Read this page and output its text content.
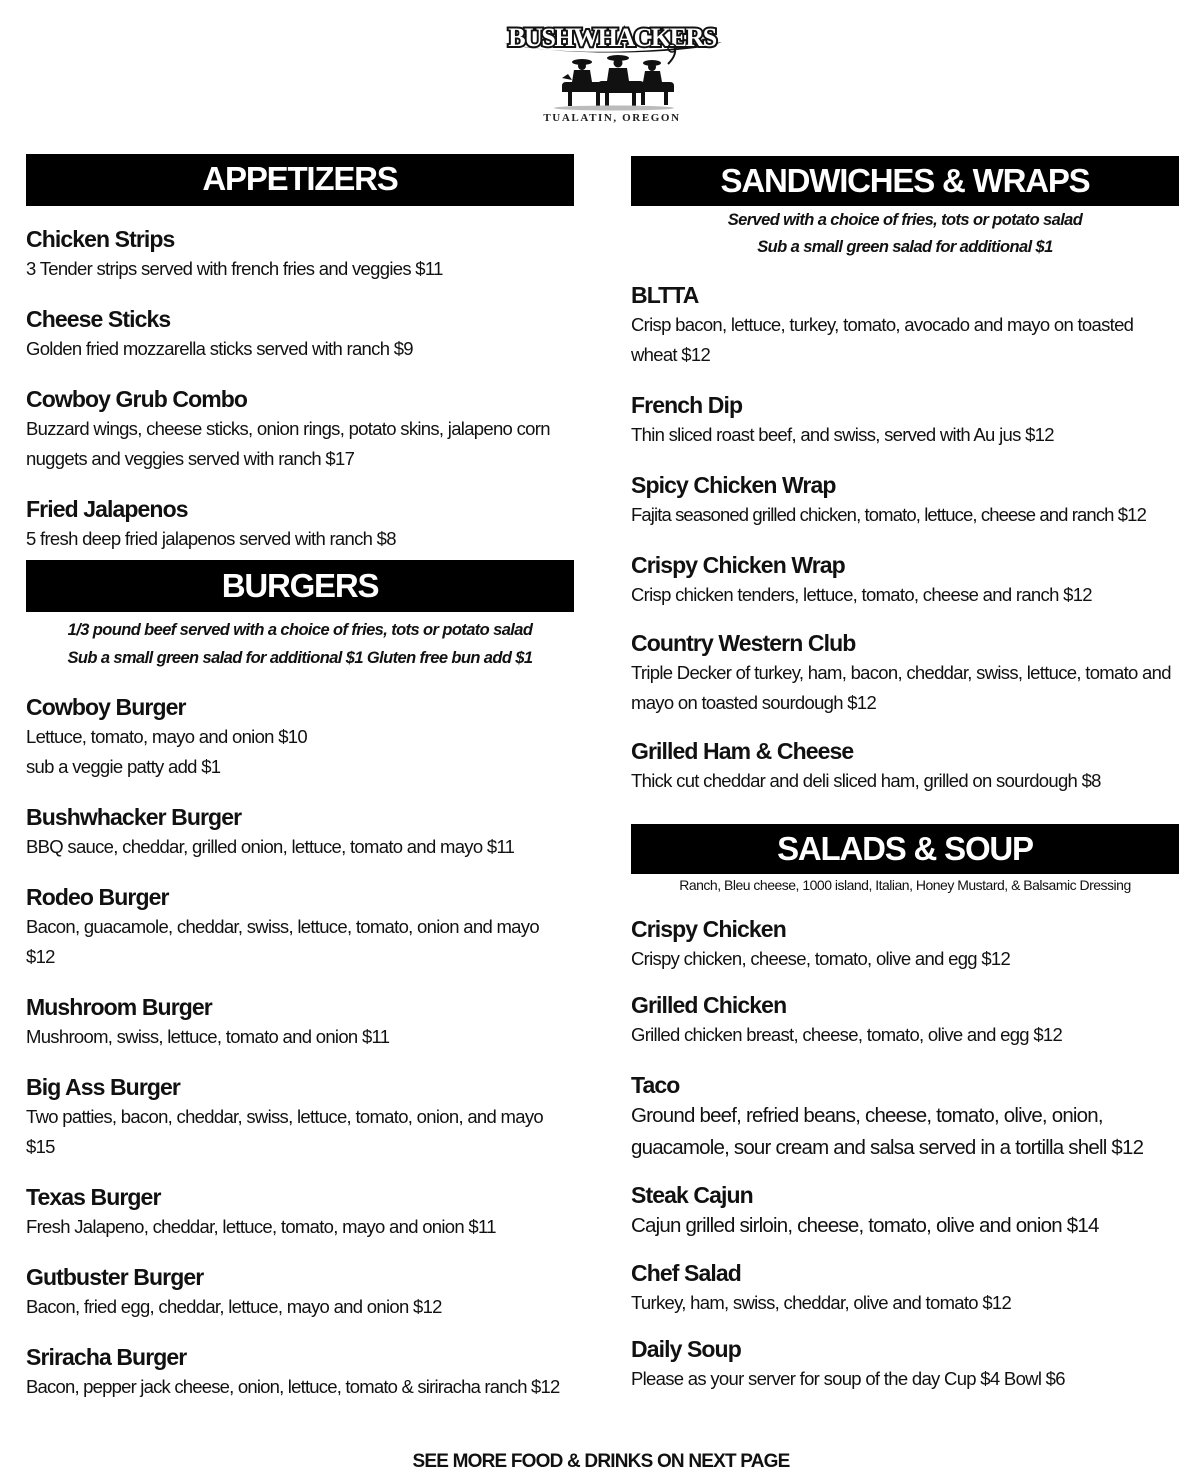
BUSHWHACKERS
TUALATIN, OREGON
APPETIZERS
Chicken Strips
3 Tender strips served with french fries and veggies $11
Cheese Sticks
Golden fried mozzarella sticks served with ranch $9
Cowboy Grub Combo
Buzzard wings, cheese sticks, onion rings, potato skins, jalapeno corn nuggets and veggies served with ranch $17
Fried Jalapenos
5 fresh deep fried jalapenos served with ranch $8
BURGERS
1/3 pound beef served with a choice of fries, tots or potato salad
Sub a small green salad for additional $1 Gluten free bun add $1
Cowboy Burger
Lettuce, tomato, mayo and onion $10
sub a veggie patty add $1
Bushwhacker Burger
BBQ sauce, cheddar, grilled onion, lettuce, tomato and mayo $11
Rodeo Burger
Bacon, guacamole, cheddar, swiss, lettuce, tomato, onion and mayo $12
Mushroom Burger
Mushroom, swiss, lettuce, tomato and onion $11
Big Ass Burger
Two patties, bacon, cheddar, swiss, lettuce, tomato, onion, and mayo $15
Texas Burger
Fresh Jalapeno, cheddar, lettuce, tomato, mayo and onion $11
Gutbuster Burger
Bacon, fried egg, cheddar, lettuce, mayo and onion $12
Sriracha Burger
Bacon, pepper jack cheese, onion, lettuce, tomato & siriracha ranch $12
SANDWICHES & WRAPS
Served with a choice of fries, tots or potato salad
Sub a small green salad for additional $1
BLTTA
Crisp bacon, lettuce, turkey, tomato, avocado and mayo on toasted wheat $12
French Dip
Thin sliced roast beef, and swiss, served with Au jus $12
Spicy Chicken Wrap
Fajita seasoned grilled chicken, tomato, lettuce, cheese and ranch $12
Crispy Chicken Wrap
Crisp chicken tenders, lettuce, tomato, cheese and ranch $12
Country Western Club
Triple Decker of turkey, ham, bacon, cheddar, swiss, lettuce, tomato and mayo on toasted sourdough $12
Grilled Ham & Cheese
Thick cut cheddar and deli sliced ham, grilled on sourdough $8
SALADS & SOUP
Ranch, Bleu cheese, 1000 island, Italian, Honey Mustard, & Balsamic Dressing
Crispy Chicken
Crispy chicken, cheese, tomato, olive and egg $12
Grilled Chicken
Grilled chicken breast, cheese, tomato, olive and egg $12
Taco
Ground beef, refried beans, cheese, tomato, olive, onion, guacamole, sour cream and salsa served in a tortilla shell $12
Steak Cajun
Cajun grilled sirloin, cheese, tomato, olive and onion $14
Chef Salad
Turkey, ham, swiss, cheddar, olive and tomato $12
Daily Soup
Please as your server for soup of the day Cup $4 Bowl $6
SEE MORE FOOD & DRINKS ON NEXT PAGE
